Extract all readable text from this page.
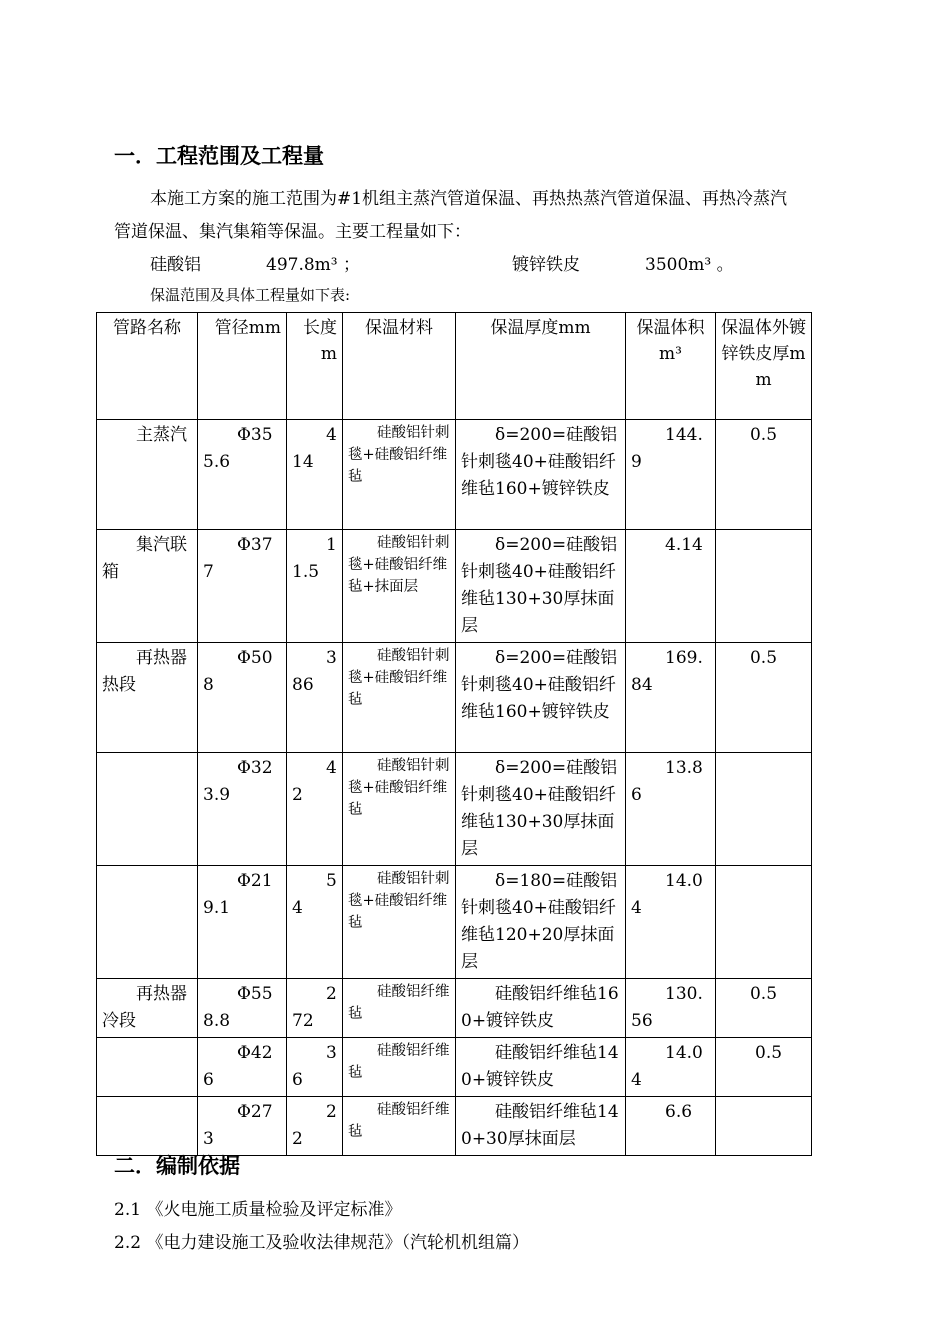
一．工程范围及工程量
本施工方案的施工范围为#1机组主蒸汽管道保温、再热热蒸汽管道保温、再热冷蒸汽
管道保温、集汽集箱等保温。主要工程量如下：
硅酸铝	497.8m³ ；	镀锌铁皮	3500m³ 。
保温范围及具体工程量如下表:
管路名称	管径mm	长度m	保温材料	保温厚度mm	保温体积m³	保温体外镀锌铁皮厚mm
主蒸汽	Φ355.6	414	硅酸铝针刺毯+硅酸铝纤维毡	δ=200=硅酸铝针刺毯40+硅酸铝纤维毡160+镀锌铁皮	144.9	0.5
集汽联箱	Φ377	11.5	硅酸铝针刺毯+硅酸铝纤维毡+抹面层	δ=200=硅酸铝针刺毯40+硅酸铝纤维毡130+30厚抹面层	4.14	
再热器热段	Φ508	386	硅酸铝针刺毯+硅酸铝纤维毡	δ=200=硅酸铝针刺毯40+硅酸铝纤维毡160+镀锌铁皮	169.84	0.5
	Φ323.9	42	硅酸铝针刺毯+硅酸铝纤维毡	δ=200=硅酸铝针刺毯40+硅酸铝纤维毡130+30厚抹面层	13.86	
	Φ219.1	54	硅酸铝针刺毯+硅酸铝纤维毡	δ=180=硅酸铝针刺毯40+硅酸铝纤维毡120+20厚抹面层	14.04	
再热器冷段	Φ558.8	272	硅酸铝纤维毡	硅酸铝纤维毡160+镀锌铁皮	130.56	0.5
	Φ426	36	硅酸铝纤维毡	硅酸铝纤维毡140+镀锌铁皮	14.04	0.5
	Φ273	22	硅酸铝纤维毡	硅酸铝纤维毡140+30厚抹面层	6.6	
二．编制依据
2.1 《火电施工质量检验及评定标准》
2.2 《电力建设施工及验收法律规范》（汽轮机机组篇）
